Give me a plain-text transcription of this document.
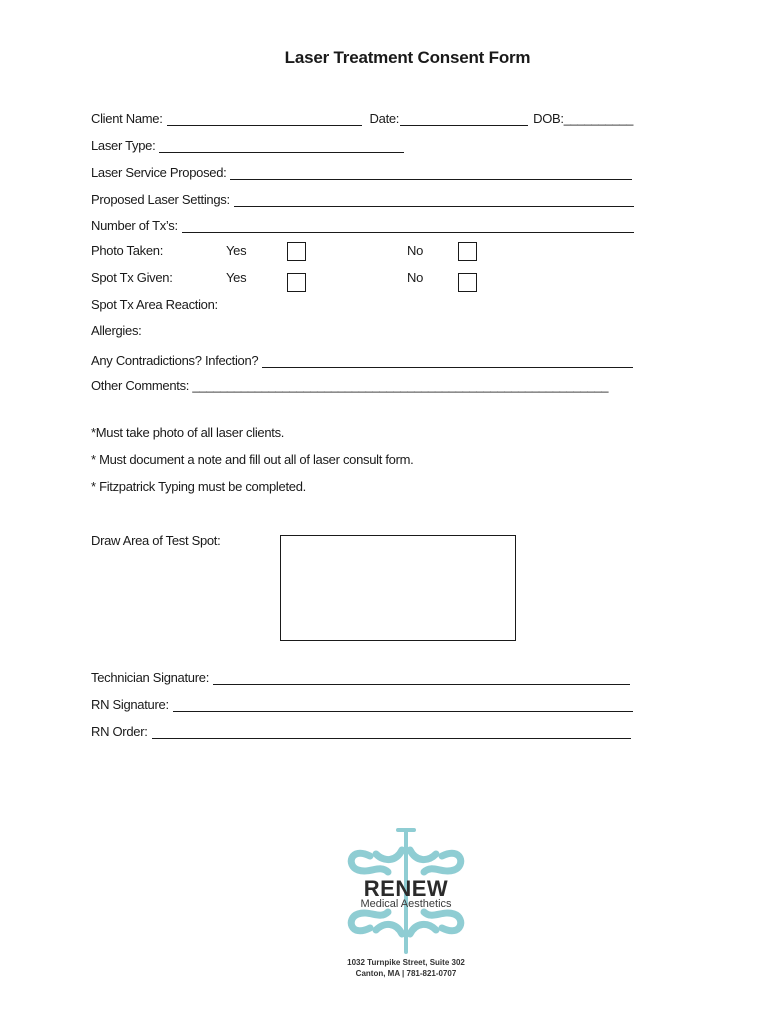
Laser Treatment Consent Form
Client Name:	Date:	DOB:__________
Laser Type:
Laser Service Proposed:
Proposed Laser Settings:
Number of Tx’s:
Photo Taken:	Yes	No
Spot Tx Given:	Yes	No
Spot Tx Area Reaction:
Allergies:
Any Contradictions? Infection?
Other Comments: ____________________________________________________________
*Must take photo of all laser clients.
* Must document a note and fill out all of laser consult form.
* Fitzpatrick Typing must be completed.
Draw Area of Test Spot:
Technician Signature:
RN Signature:
RN Order:
RENEW
Medical Aesthetics
1032 Turnpike Street, Suite 302
Canton, MA | 781-821-0707
